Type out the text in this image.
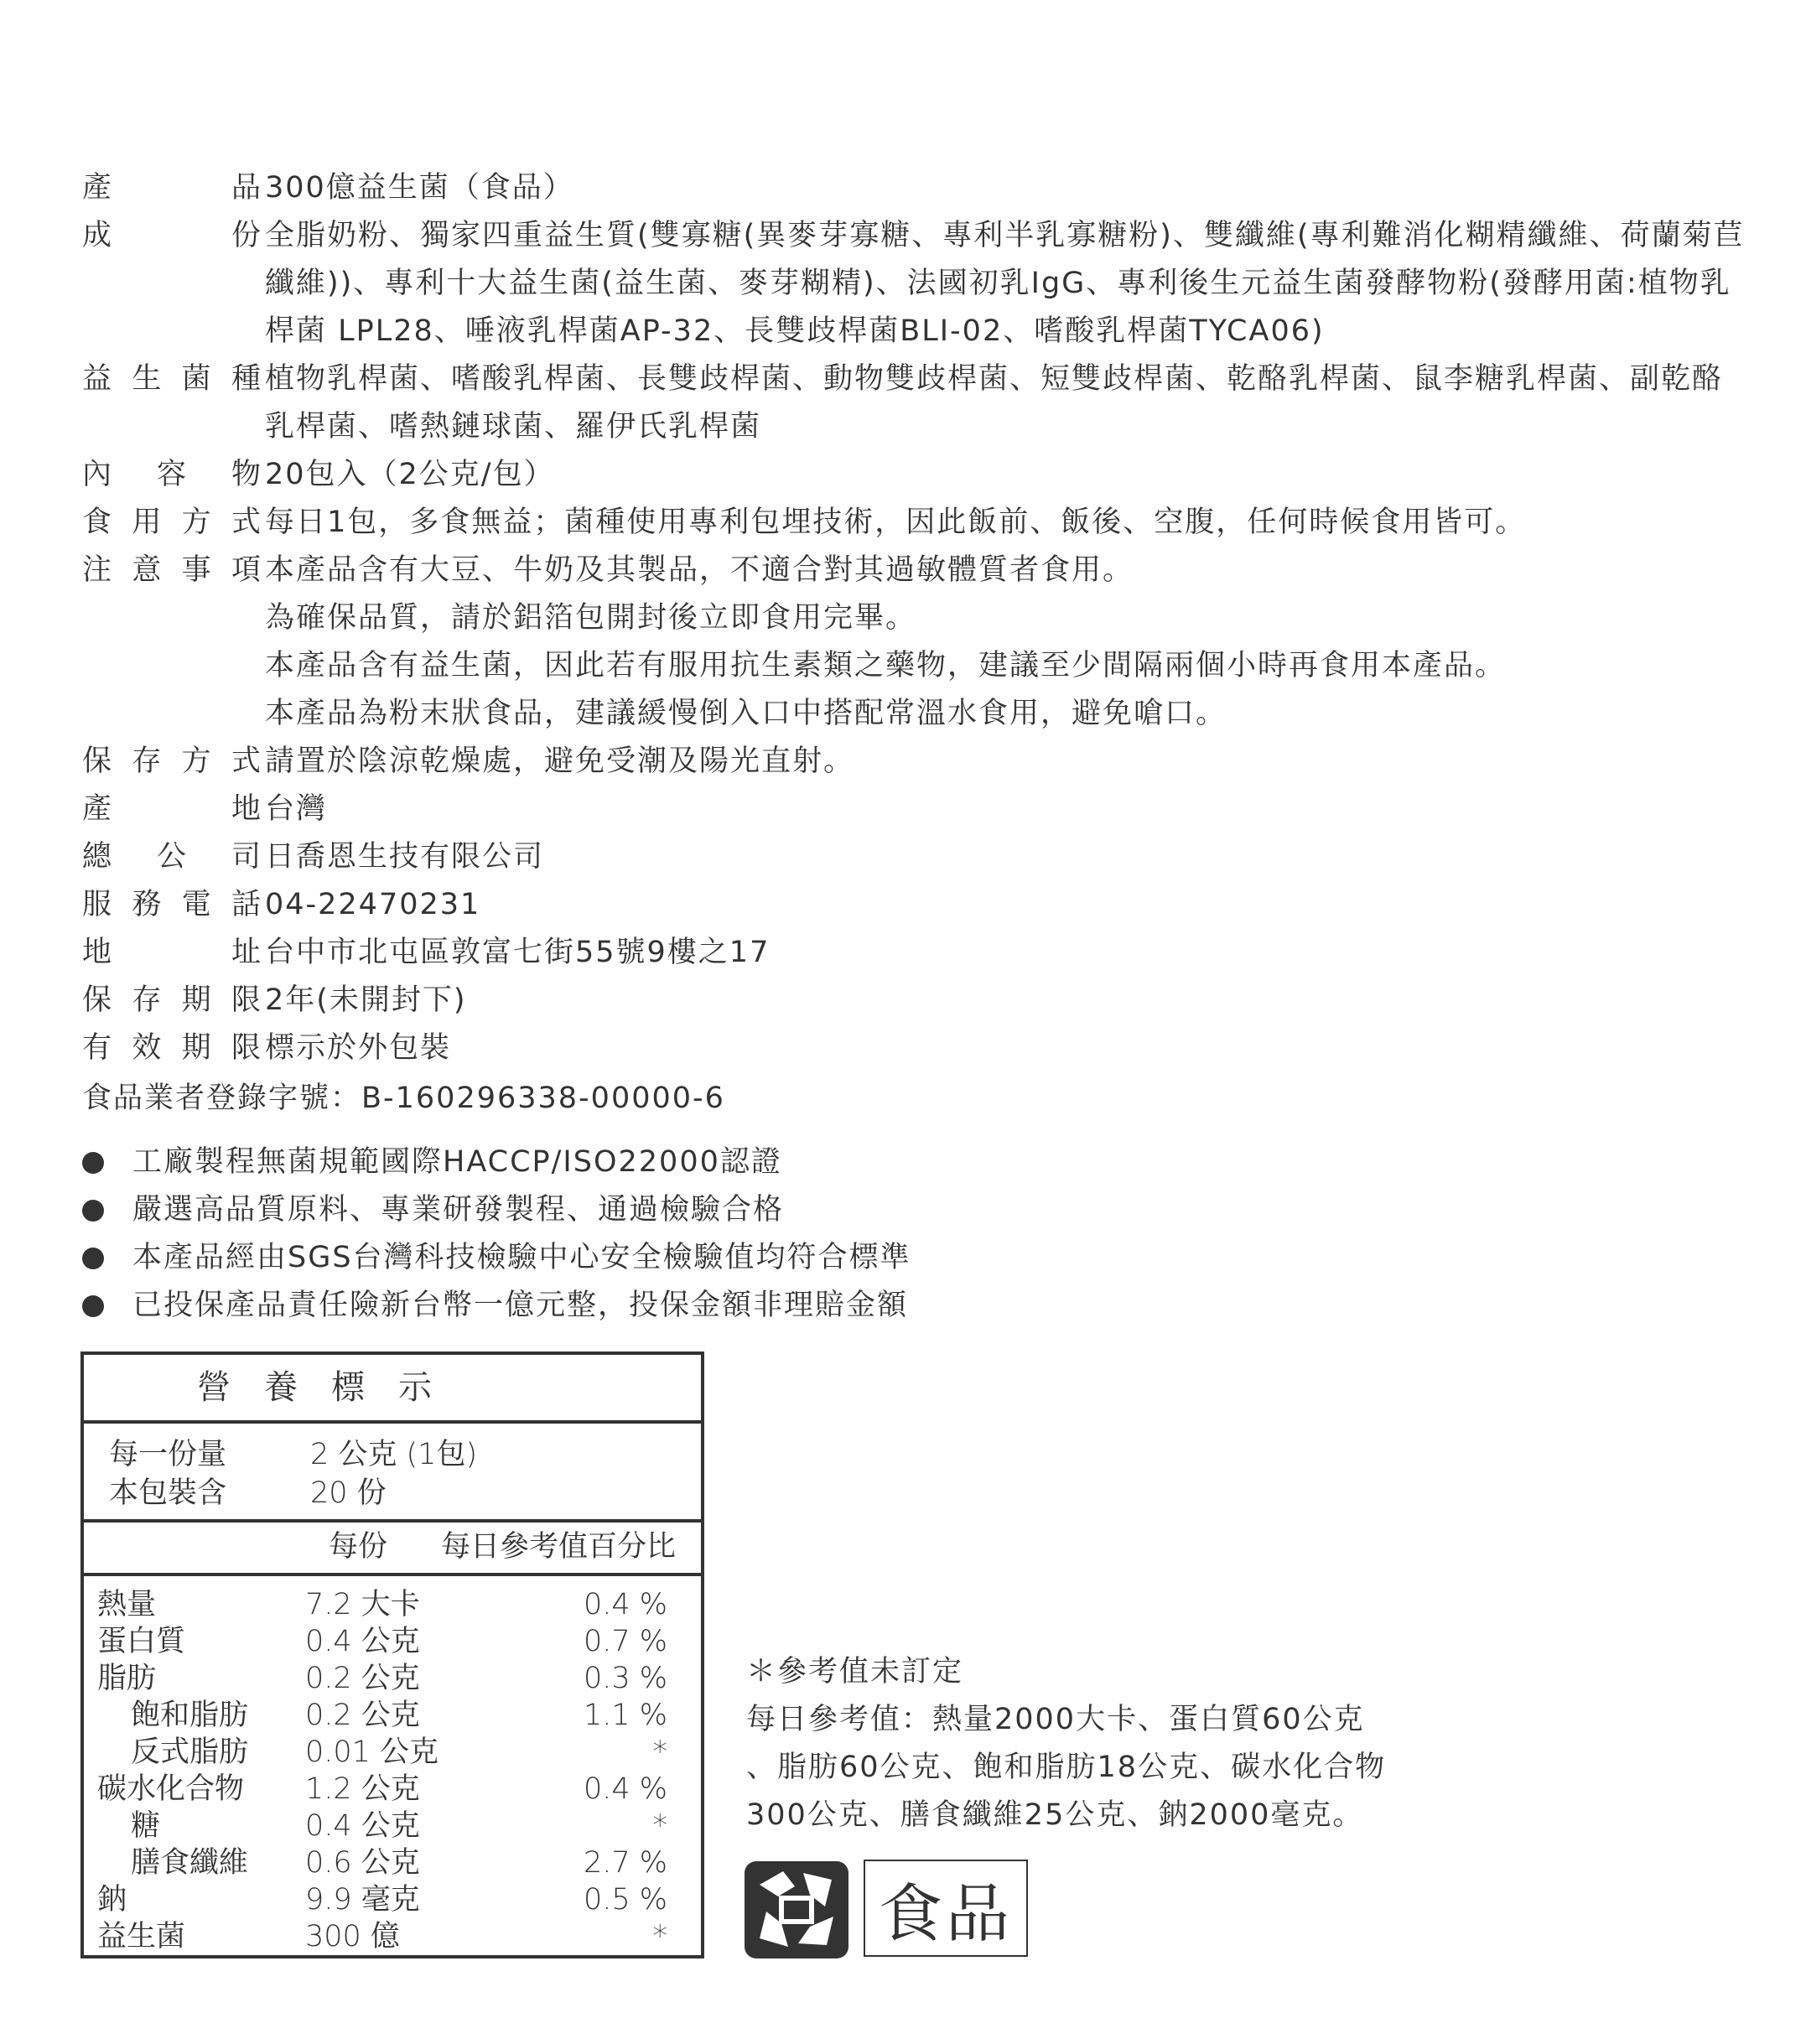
產	品 300億益生菌（食品）
成	份 全脂奶粉、獨家四重益生質(雙寡糖(異麥芽寡糖、專利半乳寡糖粉)、雙纖維(專利難消化糊精纖維、荷蘭菊苣
纖維))、專利十大益生菌(益生菌、麥芽糊精)、法國初乳IgG、專利後生元益生菌發酵物粉(發酵用菌:植物乳
桿菌 LPL28、唾液乳桿菌AP-32、長雙歧桿菌BLI-02、嗜酸乳桿菌TYCA06)
益 生 菌 種 植物乳桿菌、嗜酸乳桿菌、長雙歧桿菌、動物雙歧桿菌、短雙歧桿菌、乾酪乳桿菌、鼠李糖乳桿菌、副乾酪
乳桿菌、嗜熱鏈球菌、羅伊氏乳桿菌
內 容 物 20包入（2公克/包）
食 用 方 式 每日1包，多食無益；菌種使用專利包埋技術，因此飯前、飯後、空腹，任何時候食用皆可。
注 意 事 項 本產品含有大豆、牛奶及其製品，不適合對其過敏體質者食用。
為確保品質，請於鋁箔包開封後立即食用完畢。
本產品含有益生菌，因此若有服用抗生素類之藥物，建議至少間隔兩個小時再食用本產品。
本產品為粉末狀食品，建議緩慢倒入口中搭配常溫水食用，避免嗆口。
保 存 方 式 請置於陰涼乾燥處，避免受潮及陽光直射。
產	地 台灣
總 公 司 日喬恩生技有限公司
服 務 電 話 04-22470231
地	址 台中市北屯區敦富七街55號9樓之17
保 存 期 限 2年(未開封下)
有 效 期 限 標示於外包裝
食品業者登錄字號：B-160296338-00000-6
工廠製程無菌規範國際HACCP/ISO22000認證
嚴選高品質原料、專業研發製程、通過檢驗合格
本產品經由SGS台灣科技檢驗中心安全檢驗值均符合標準
已投保產品責任險新台幣一億元整，投保金額非理賠金額
營養標示
每一份量	2 公克 (1包)
本包裝含	20 份
每份 每日參考值百分比
熱量	7.2 大卡	0.4 %
蛋白質	0.4 公克	0.7 %
脂肪	0.2 公克	0.3 %
飽和脂肪 0.2 公克	1.1 %
反式脂肪 0.01 公克	*
碳水化合物 1.2 公克	0.4 %
糖	0.4 公克	*
膳食纖維 0.6 公克	2.7 %
鈉	9.9 毫克	0.5 %
益生菌	300 億	*
＊參考值未訂定
每日參考值：熱量2000大卡、蛋白質60公克
、脂肪60公克、飽和脂肪18公克、碳水化合物
300公克、膳食纖維25公克、鈉2000毫克。
食品
